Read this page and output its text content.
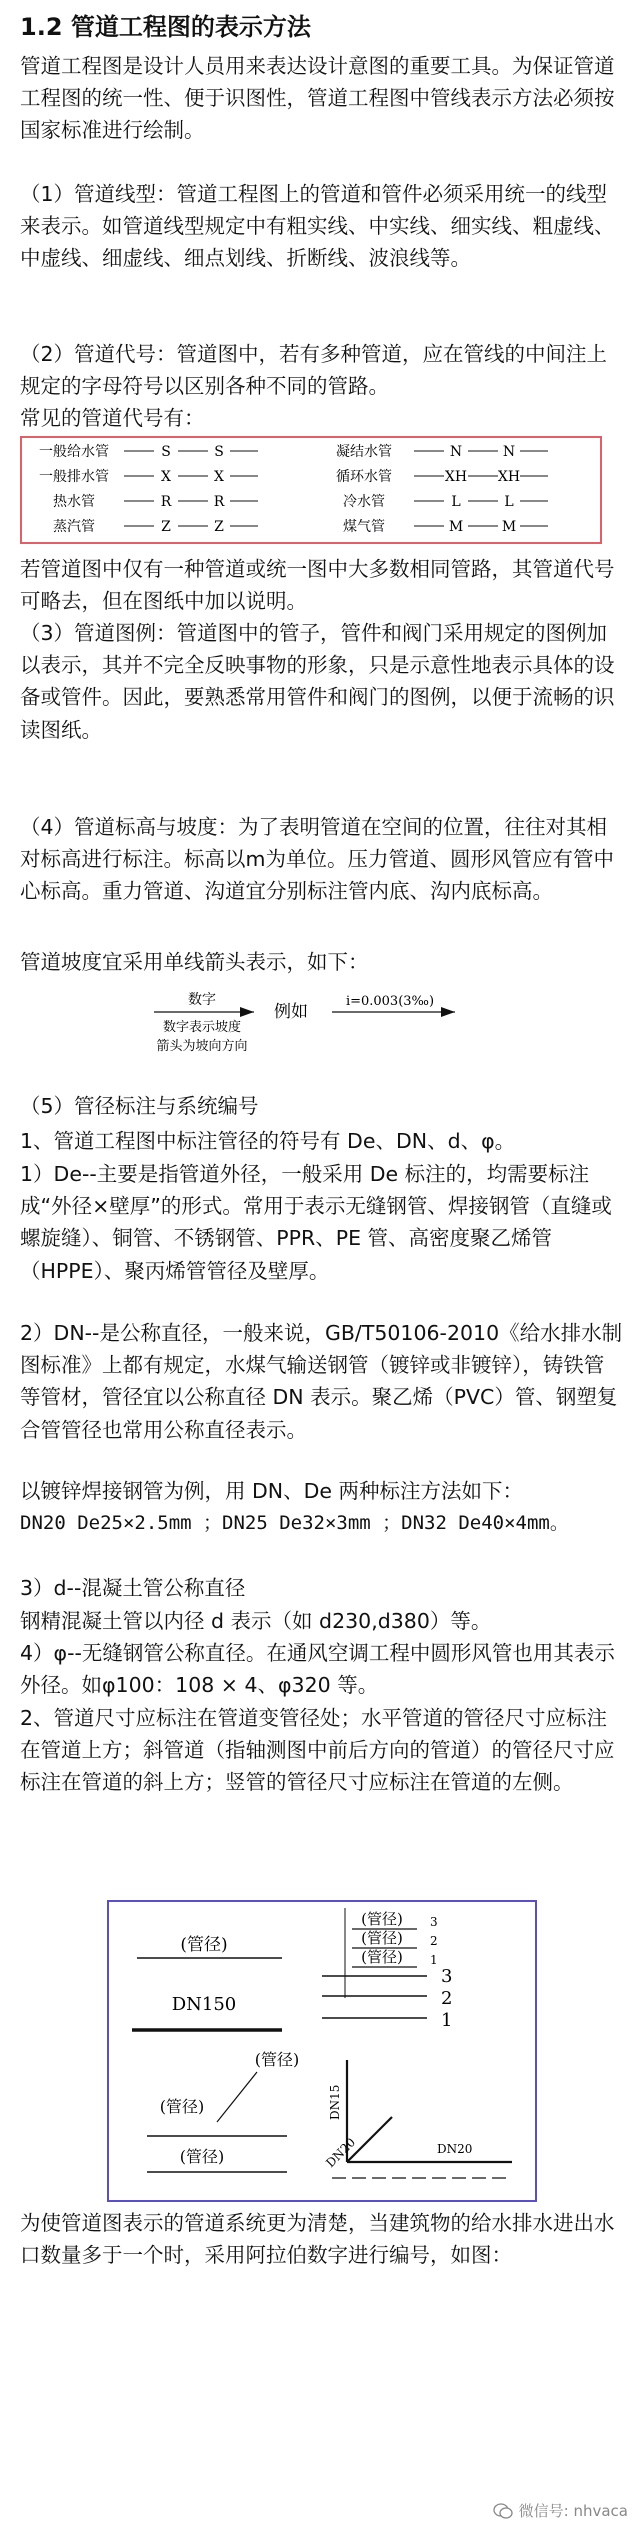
1.2 管道工程图的表示方法

管道工程图是设计人员用来表达设计意图的重要工具。为保证管道工程图的统一性、便于识图性，管道工程图中管线表示方法必须按国家标准进行绘制。

（1）管道线型：管道工程图上的管道和管件必须采用统一的线型来表示。如管道线型规定中有粗实线、中实线、细实线、粗虚线、中虚线、细虚线、细点划线、折断线、波浪线等。

（2）管道代号：管道图中，若有多种管道，应在管线的中间注上规定的字母符号以区别各种不同的管路。

常见的管道代号有：

一般给水管	S	S
一般排水管	X	X
热水管	R	R
蒸汽管	Z	Z
凝结水管	N	N
循环水管	XH XH
冷水管	L	L
煤气管	M	M

若管道图中仅有一种管道或统一图中大多数相同管路，其管道代号可略去，但在图纸中加以说明。

（3）管道图例：管道图中的管子，管件和阀门采用规定的图例加以表示，其并不完全反映事物的形象，只是示意性地表示具体的设备或管件。因此，要熟悉常用管件和阀门的图例，以便于流畅的识读图纸。

（4）管道标高与坡度：为了表明管道在空间的位置，往往对其相对标高进行标注。标高以m为单位。压力管道、圆形风管应有管中心标高。重力管道、沟道宜分别标注管内底、沟内底标高。

管道坡度宜采用单线箭头表示，如下：

数字
数字表示坡度
箭头为坡向方向
例如
i=0.003(3‰)

（5）管径标注与系统编号

1、管道工程图中标注管径的符号有 De、DN、d、φ。

1）De--主要是指管道外径，一般采用 De 标注的，均需要标注成“外径×壁厚”的形式。常用于表示无缝钢管、焊接钢管（直缝或螺旋缝）、铜管、不锈钢管、PPR、PE 管、高密度聚乙烯管（HPPE）、聚丙烯管管径及壁厚。

2）DN--是公称直径，一般来说，GB/T50106-2010《给水排水制图标准》上都有规定，水煤气输送钢管（镀锌或非镀锌），铸铁管等管材，管径宜以公称直径 DN 表示。聚乙烯（PVC）管、钢塑复合管管径也常用公称直径表示。

以镀锌焊接钢管为例，用 DN、De 两种标注方法如下：

DN20 De25×2.5mm ；DN25 De32×3mm ；DN32 De40×4mm。

3）d--混凝土管公称直径

钢精混凝土管以内径 d 表示（如 d230,d380）等。

4）φ--无缝钢管公称直径。在通风空调工程中圆形风管也用其表示外径。如φ100：108 × 4、φ320 等。

2、管道尺寸应标注在管道变管径处；水平管道的管径尺寸应标注在管道上方；斜管道（指轴测图中前后方向的管道）的管径尺寸应标注在管道的斜上方；竖管的管径尺寸应标注在管道的左侧。

(管径)
DN150
(管径) 3
(管径) 2
(管径) 1
3
2
1
(管径)
(管径)
(管径)
DN15
DN20	DN20

为使管道图表示的管道系统更为清楚，当建筑物的给水排水进出水口数量多于一个时，采用阿拉伯数字进行编号，如图：

微信号: nhvaca
